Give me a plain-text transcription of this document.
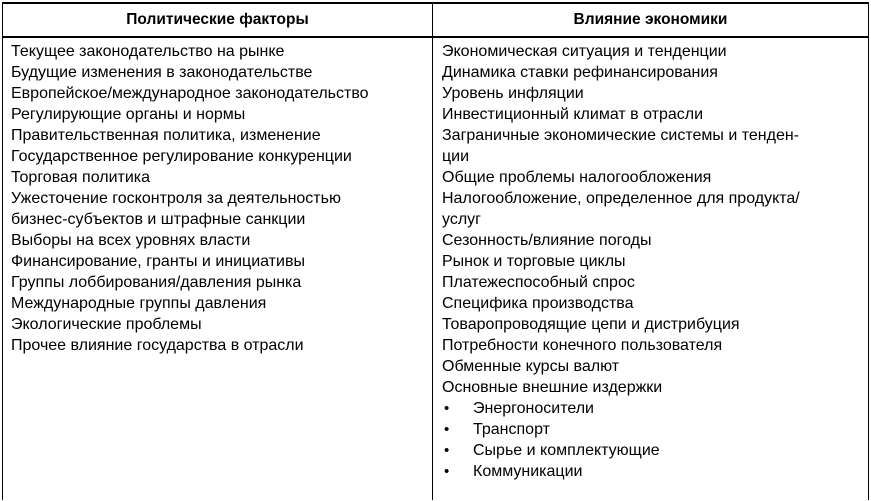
Политические факторы	Влияние экономики
Текущее законодательство на рынке
Будущие изменения в законодательстве
Европейское/международное законодательство
Регулирующие органы и нормы
Правительственная политика, изменение
Государственное регулирование конкуренции
Торговая политика
Ужесточение госконтроля за деятельностью
бизнес-субъектов и штрафные санкции
Выборы на всех уровнях власти
Финансирование, гранты и инициативы
Группы лоббирования/давления рынка
Международные группы давления
Экологические проблемы
Прочее влияние государства в отрасли
Экономическая ситуация и тенденции
Динамика ставки рефинансирования
Уровень инфляции
Инвестиционный климат в отрасли
Заграничные экономические системы и тенден-
ции
Общие проблемы налогообложения
Налогообложение, определенное для продукта/
услуг
Сезонность/влияние погоды
Рынок и торговые циклы
Платежеспособный спрос
Специфика производства
Товаропроводящие цепи и дистрибуция
Потребности конечного пользователя
Обменные курсы валют
Основные внешние издержки
• Энергоносители
• Транспорт
• Сырье и комплектующие
• Коммуникации
